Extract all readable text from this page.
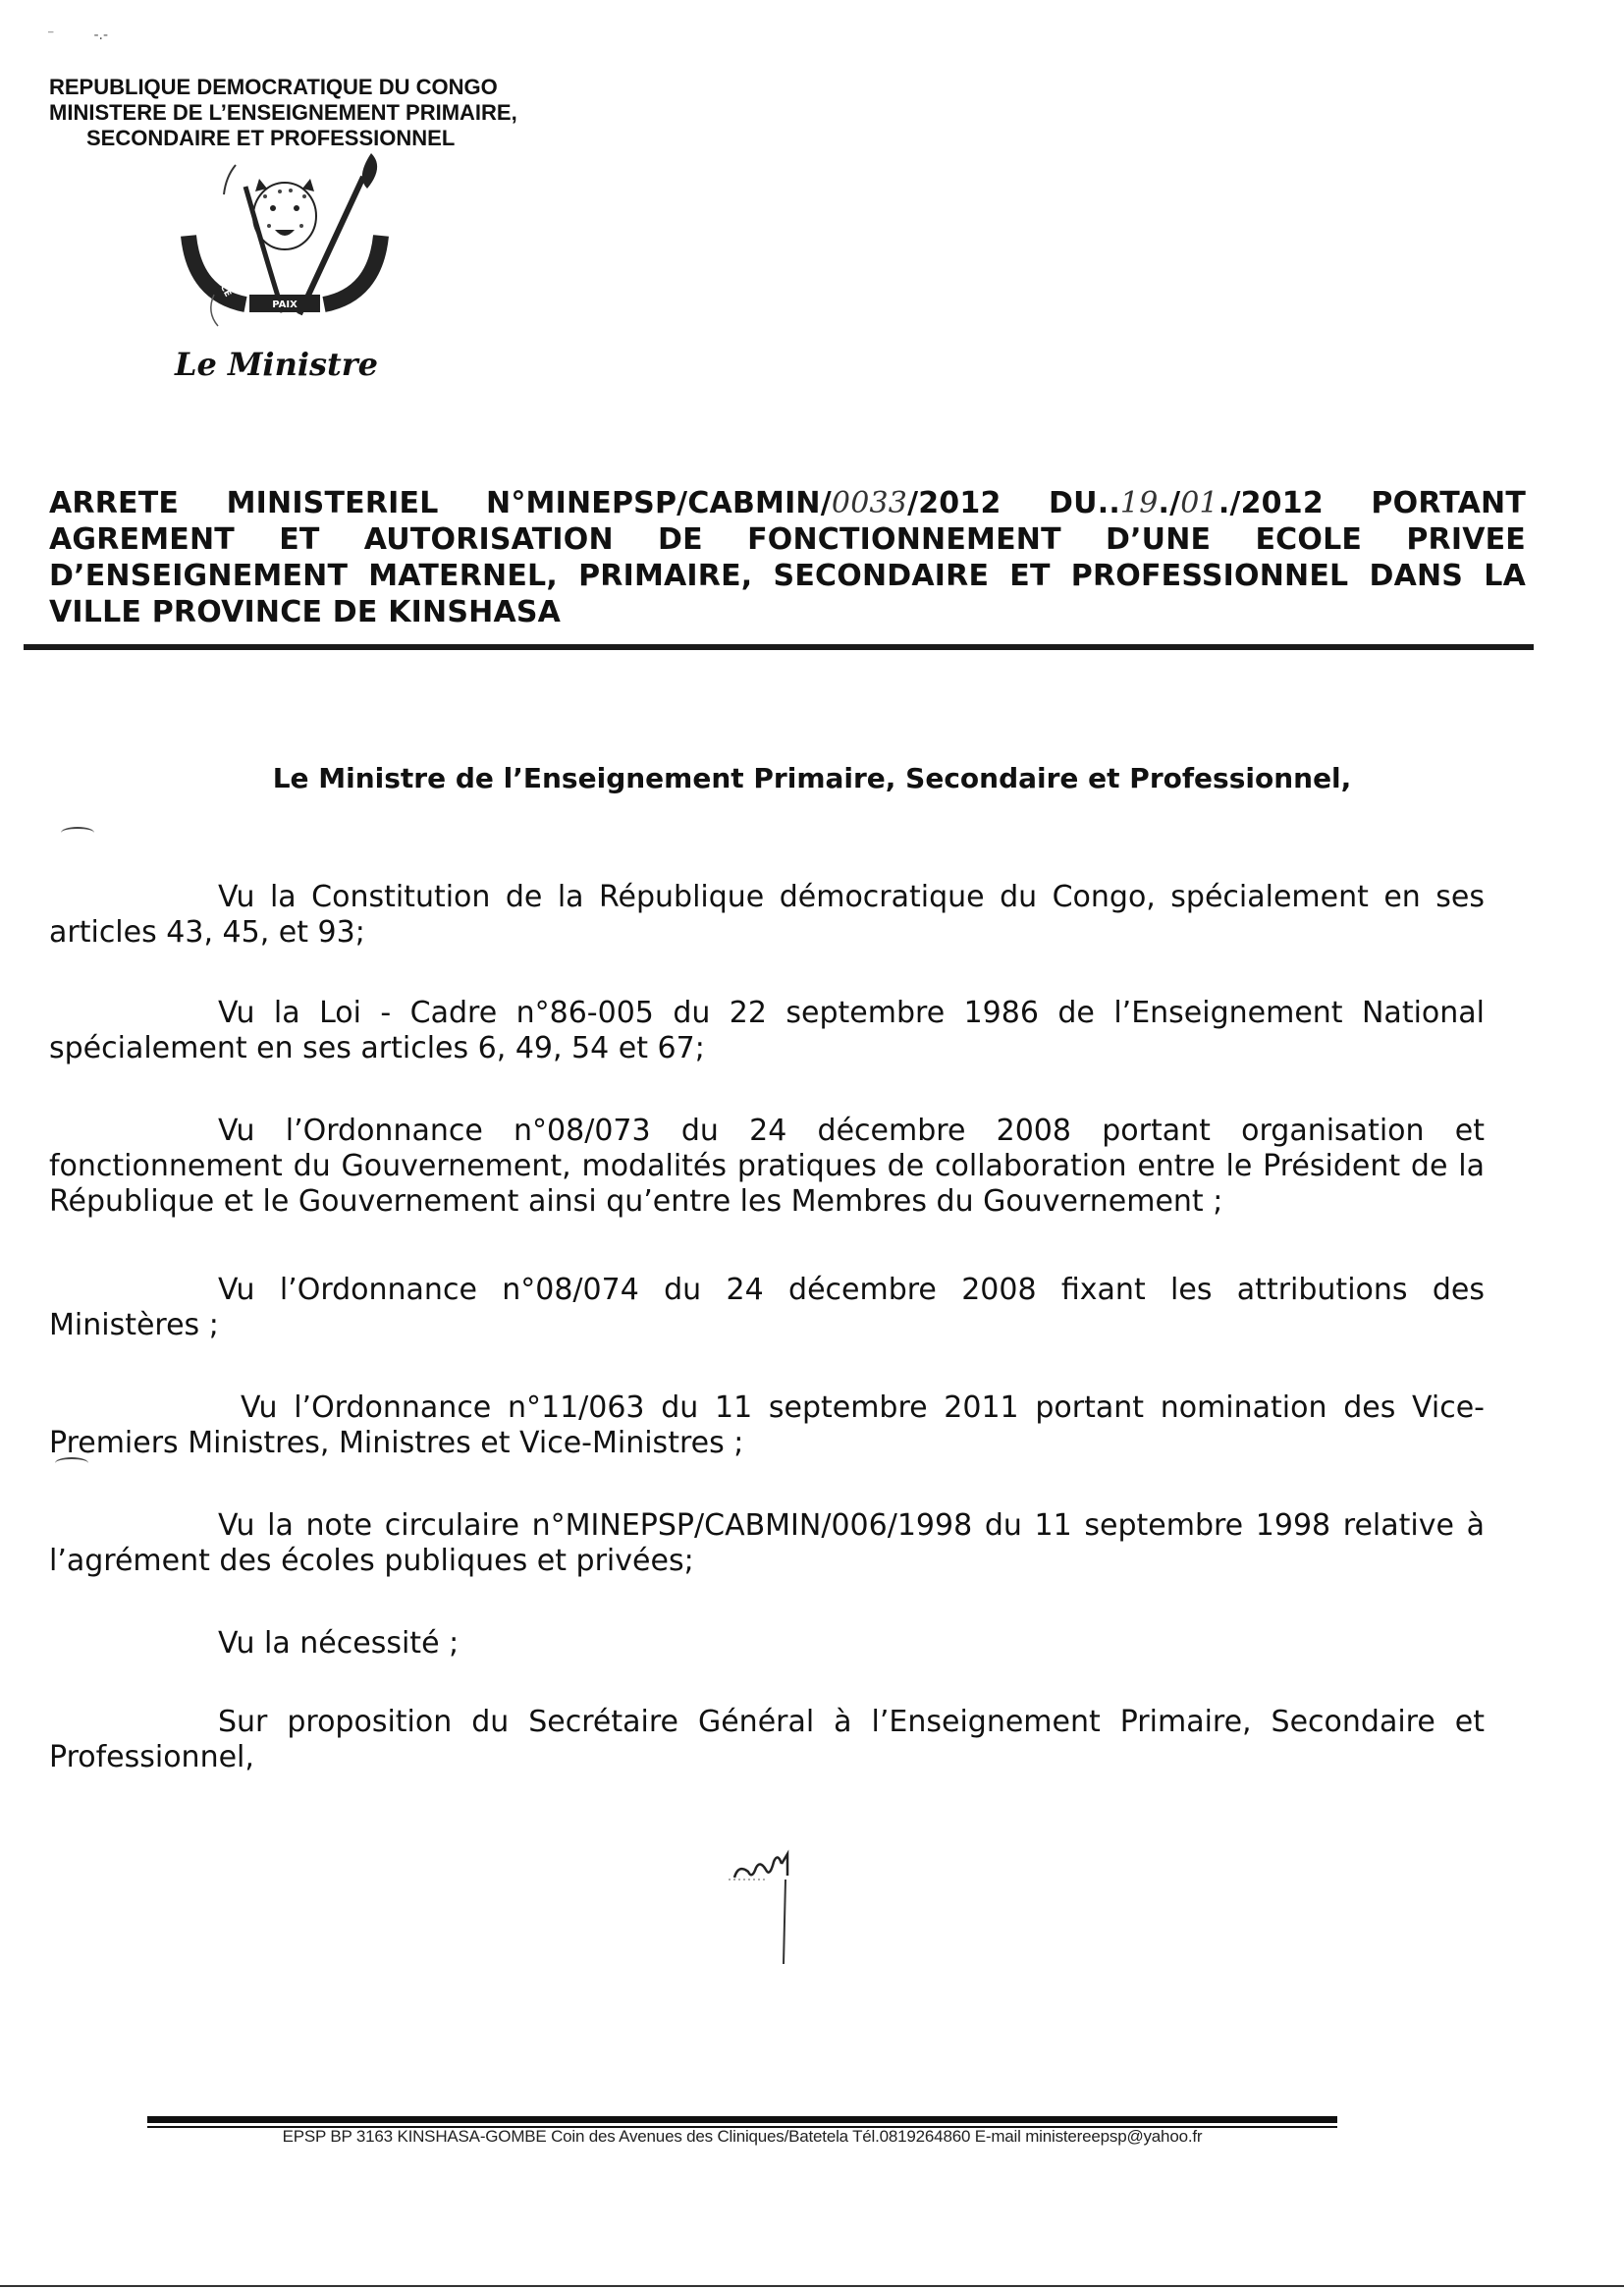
⁻         -.-
REPUBLIQUE DEMOCRATIQUE DU CONGO
MINISTERE DE L’ENSEIGNEMENT PRIMAIRE,
SECONDAIRE ET PROFESSIONNEL
JUSTICE
PAIX
TRAVAIL
Le Ministre
ARRETE MINISTERIEL N°MINEPSP/CABMIN/0033/2012 DU..19./01./2012 PORTANT AGREMENT ET AUTORISATION DE FONCTIONNEMENT D’UNE ECOLE PRIVEE D’ENSEIGNEMENT MATERNEL, PRIMAIRE, SECONDAIRE ET PROFESSIONNEL DANS LA VILLE PROVINCE DE KINSHASA
Le Ministre de l’Enseignement Primaire, Secondaire et Professionnel,
Vu la Constitution de la République démocratique du Congo, spécialement en ses articles 43, 45, et 93;
Vu la Loi - Cadre n°86-005 du 22 septembre 1986 de l’Enseignement National spécialement en ses articles 6, 49, 54 et 67;
Vu l’Ordonnance n°08/073 du 24 décembre 2008 portant organisation et fonctionnement du Gouvernement, modalités pratiques de collaboration entre le Président de la République et le Gouvernement ainsi qu’entre les Membres du Gouvernement ;
Vu l’Ordonnance n°08/074 du 24 décembre 2008 fixant les attributions des Ministères ;
Vu l’Ordonnance n°11/063 du 11 septembre 2011 portant nomination des Vice-Premiers Ministres, Ministres et Vice-Ministres ;
Vu la note circulaire n°MINEPSP/CABMIN/006/1998 du 11 septembre 1998 relative à l’agrément des écoles publiques et privées;
Vu la nécessité ;
Sur proposition du Secrétaire Général à l’Enseignement Primaire, Secondaire et Professionnel,
EPSP BP 3163 KINSHASA-GOMBE Coin des Avenues des Cliniques/Batetela Tél.0819264860 E-mail ministereepsp@yahoo.fr
